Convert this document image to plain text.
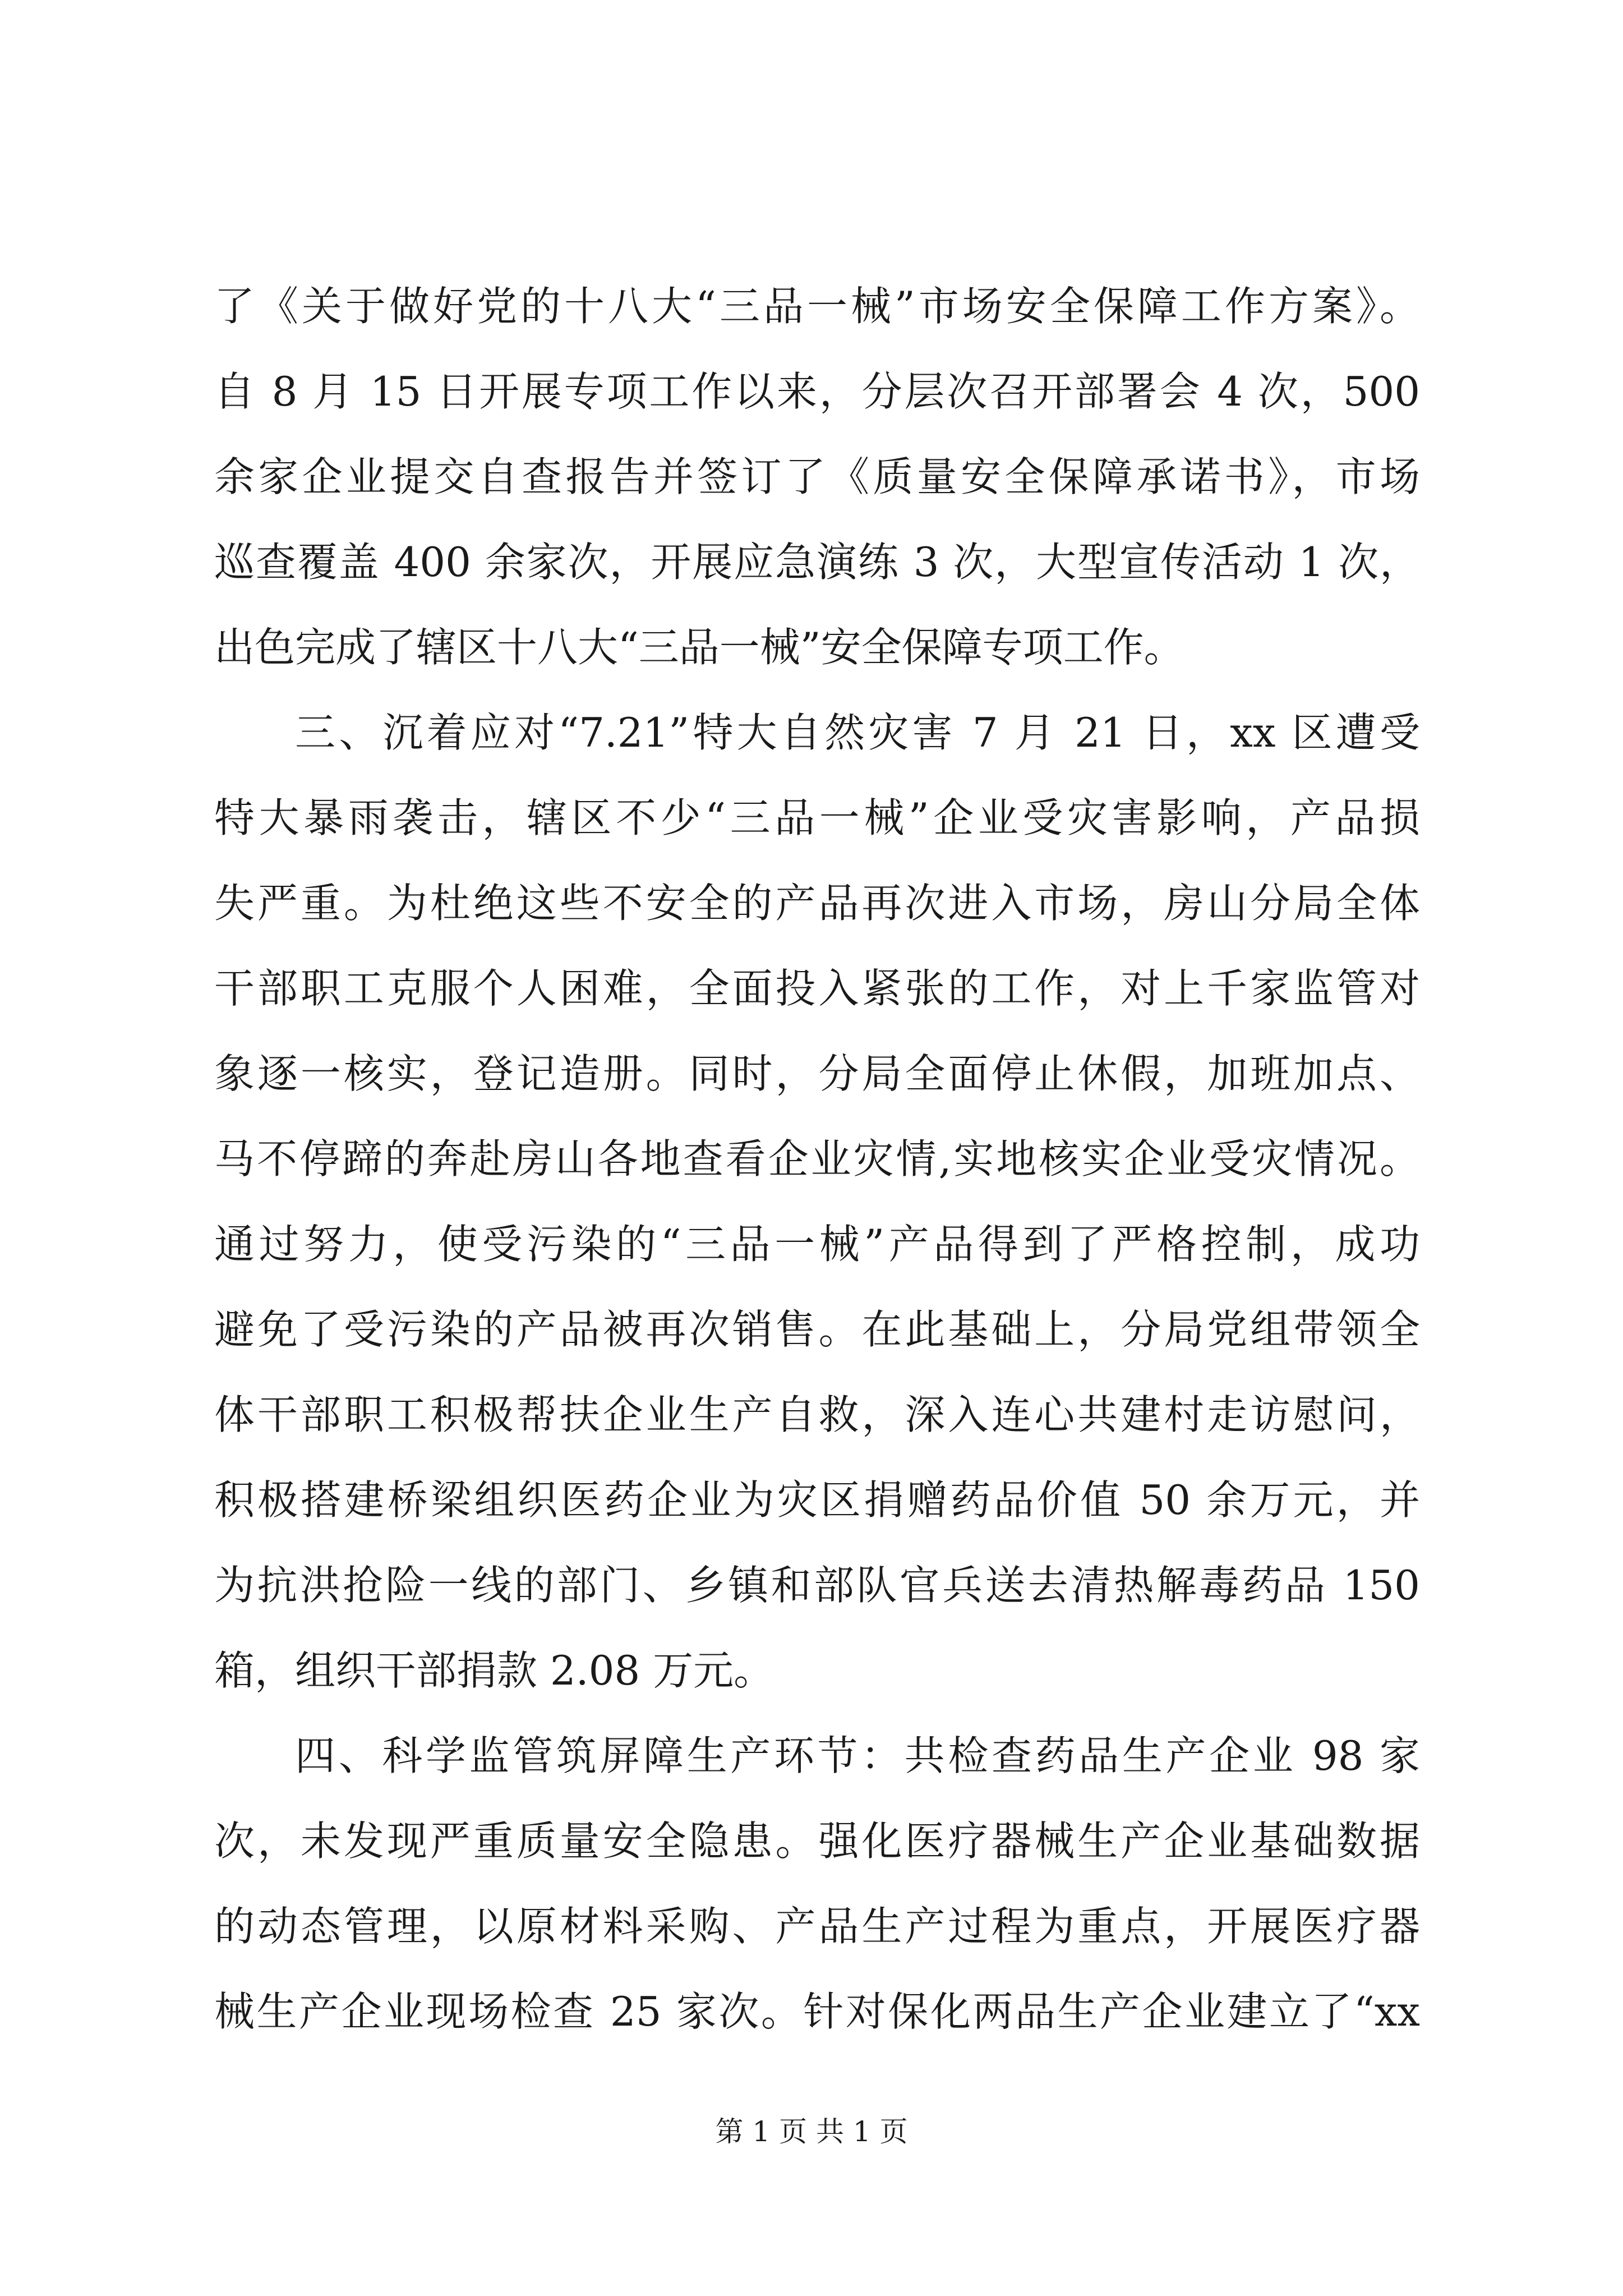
了《关于做好党的十八大“三品一械”市场安全保障工作方案》。
自 8 月 15 日开展专项工作以来，分层次召开部署会 4 次，500
余家企业提交自查报告并签订了《质量安全保障承诺书》，市场
巡查覆盖 400 余家次，开展应急演练 3 次，大型宣传活动 1 次，
出色完成了辖区十八大“三品一械”安全保障专项工作。
三、沉着应对“7.21”特大自然灾害 7 月 21 日，xx 区遭受
特大暴雨袭击，辖区不少“三品一械”企业受灾害影响，产品损
失严重。为杜绝这些不安全的产品再次进入市场，房山分局全体
干部职工克服个人困难，全面投入紧张的工作，对上千家监管对
象逐一核实，登记造册。同时，分局全面停止休假，加班加点、
马不停蹄的奔赴房山各地查看企业灾情,实地核实企业受灾情况。
通过努力，使受污染的“三品一械”产品得到了严格控制，成功
避免了受污染的产品被再次销售。在此基础上，分局党组带领全
体干部职工积极帮扶企业生产自救，深入连心共建村走访慰问，
积极搭建桥梁组织医药企业为灾区捐赠药品价值 50 余万元，并
为抗洪抢险一线的部门、乡镇和部队官兵送去清热解毒药品 150
箱，组织干部捐款 2.08 万元。
四、科学监管筑屏障生产环节：共检查药品生产企业 98 家
次，未发现严重质量安全隐患。强化医疗器械生产企业基础数据
的动态管理，以原材料采购、产品生产过程为重点，开展医疗器
械生产企业现场检查 25 家次。针对保化两品生产企业建立了“xx
第 1 页 共 1 页
